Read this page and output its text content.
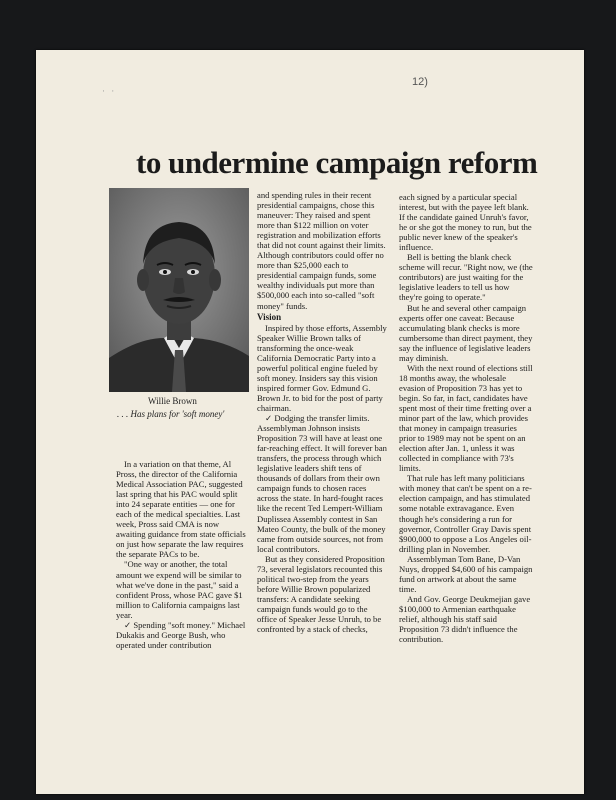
12)
· ·
to undermine campaign reform

Willie Brown

. . . Has plans for 'soft money'

In a variation on that theme, Al Pross, the director of the California Medical Association PAC, suggested last spring that his PAC would split into 24 separate entities — one for each of the medical specialties. Last week, Pross said CMA is now awaiting guidance from state officials on just how separate the law requires the separate PACs to be.

"One way or another, the total amount we expend will be similar to what we've done in the past," said a confident Pross, whose PAC gave $1 million to California campaigns last year.

✓ Spending "soft money." Michael Dukakis and George Bush, who operated under contribution

and spending rules in their recent presidential campaigns, chose this maneuver: They raised and spent more than $122 million on voter registration and mobilization efforts that did not count against their limits. Although contributors could offer no more than $25,000 each to presidential campaign funds, some wealthy individuals put more than $500,000 each into so-called "soft money" funds.

Vision

Inspired by those efforts, Assembly Speaker Willie Brown talks of transforming the once-weak California Democratic Party into a powerful political engine fueled by soft money. Insiders say this vision inspired former Gov. Edmund G. Brown Jr. to bid for the post of party chairman.

✓ Dodging the transfer limits. Assemblyman Johnson insists Proposition 73 will have at least one far-reaching effect. It will forever ban transfers, the process through which legislative leaders shift tens of thousands of dollars from their own campaign funds to chosen races across the state. In hard-fought races like the recent Ted Lempert-William Duplissea Assembly contest in San Mateo County, the bulk of the money came from outside sources, not from local contributors.

But as they considered Proposition 73, several legislators recounted this political two-step from the years before Willie Brown popularized transfers: A candidate seeking campaign funds would go to the office of Speaker Jesse Unruh, to be confronted by a stack of checks,

each signed by a particular special interest, but with the payee left blank. If the candidate gained Unruh's favor, he or she got the money to run, but the public never knew of the speaker's influence.

Bell is betting the blank check scheme will recur. "Right now, we (the contributors) are just waiting for the legislative leaders to tell us how they're going to operate."

But he and several other campaign experts offer one caveat: Because accumulating blank checks is more cumbersome than direct payment, they say the influence of legislative leaders may diminish.

With the next round of elections still 18 months away, the wholesale evasion of Proposition 73 has yet to begin. So far, in fact, candidates have spent most of their time fretting over a minor part of the law, which provides that money in campaign treasuries prior to 1989 may not be spent on an election after Jan. 1, unless it was collected in compliance with 73's limits.

That rule has left many politicians with money that can't be spent on a re-election campaign, and has stimulated some notable extravagance. Even though he's considering a run for governor, Controller Gray Davis spent $900,000 to oppose a Los Angeles oil-drilling plan in November.

Assemblyman Tom Bane, D-Van Nuys, dropped $4,600 of his campaign fund on artwork at about the same time.

And Gov. George Deukmejian gave $100,000 to Armenian earthquake relief, although his staff said Proposition 73 didn't influence the contribution.
